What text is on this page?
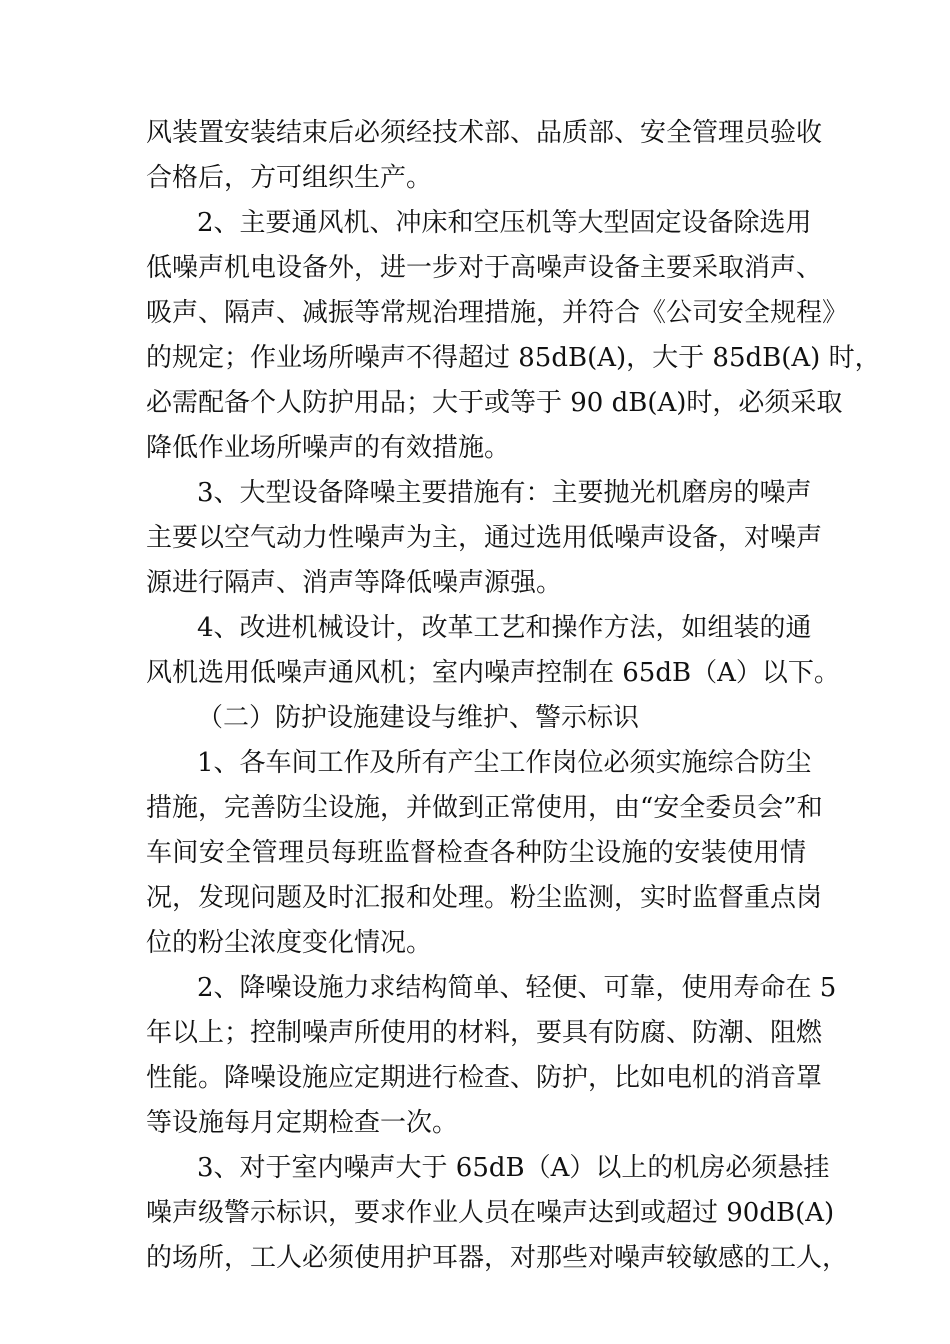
风装置安装结束后必须经技术部、品质部、安全管理员验收
合格后，方可组织生产。
2、主要通风机、冲床和空压机等大型固定设备除选用
低噪声机电设备外，进一步对于高噪声设备主要采取消声、
吸声、隔声、减振等常规治理措施，并符合《公司安全规程》
的规定；作业场所噪声不得超过 85dB(A)，大于 85dB(A) 时，
必需配备个人防护用品；大于或等于 90 dB(A)时，必须采取
降低作业场所噪声的有效措施。
3、大型设备降噪主要措施有：主要抛光机磨房的噪声
主要以空气动力性噪声为主，通过选用低噪声设备，对噪声
源进行隔声、消声等降低噪声源强。
4、改进机械设计，改革工艺和操作方法，如组装的通
风机选用低噪声通风机；室内噪声控制在 65dB（A）以下。
（二）防护设施建设与维护、警示标识
1、各车间工作及所有产尘工作岗位必须实施综合防尘
措施，完善防尘设施，并做到正常使用，由“安全委员会”和
车间安全管理员每班监督检查各种防尘设施的安装使用情
况，发现问题及时汇报和处理。粉尘监测，实时监督重点岗
位的粉尘浓度变化情况。
2、降噪设施力求结构简单、轻便、可靠，使用寿命在 5
年以上；控制噪声所使用的材料，要具有防腐、防潮、阻燃
性能。降噪设施应定期进行检查、防护，比如电机的消音罩
等设施每月定期检查一次。
3、对于室内噪声大于 65dB（A）以上的机房必须悬挂
噪声级警示标识，要求作业人员在噪声达到或超过 90dB(A)
的场所，工人必须使用护耳器，对那些对噪声较敏感的工人，
